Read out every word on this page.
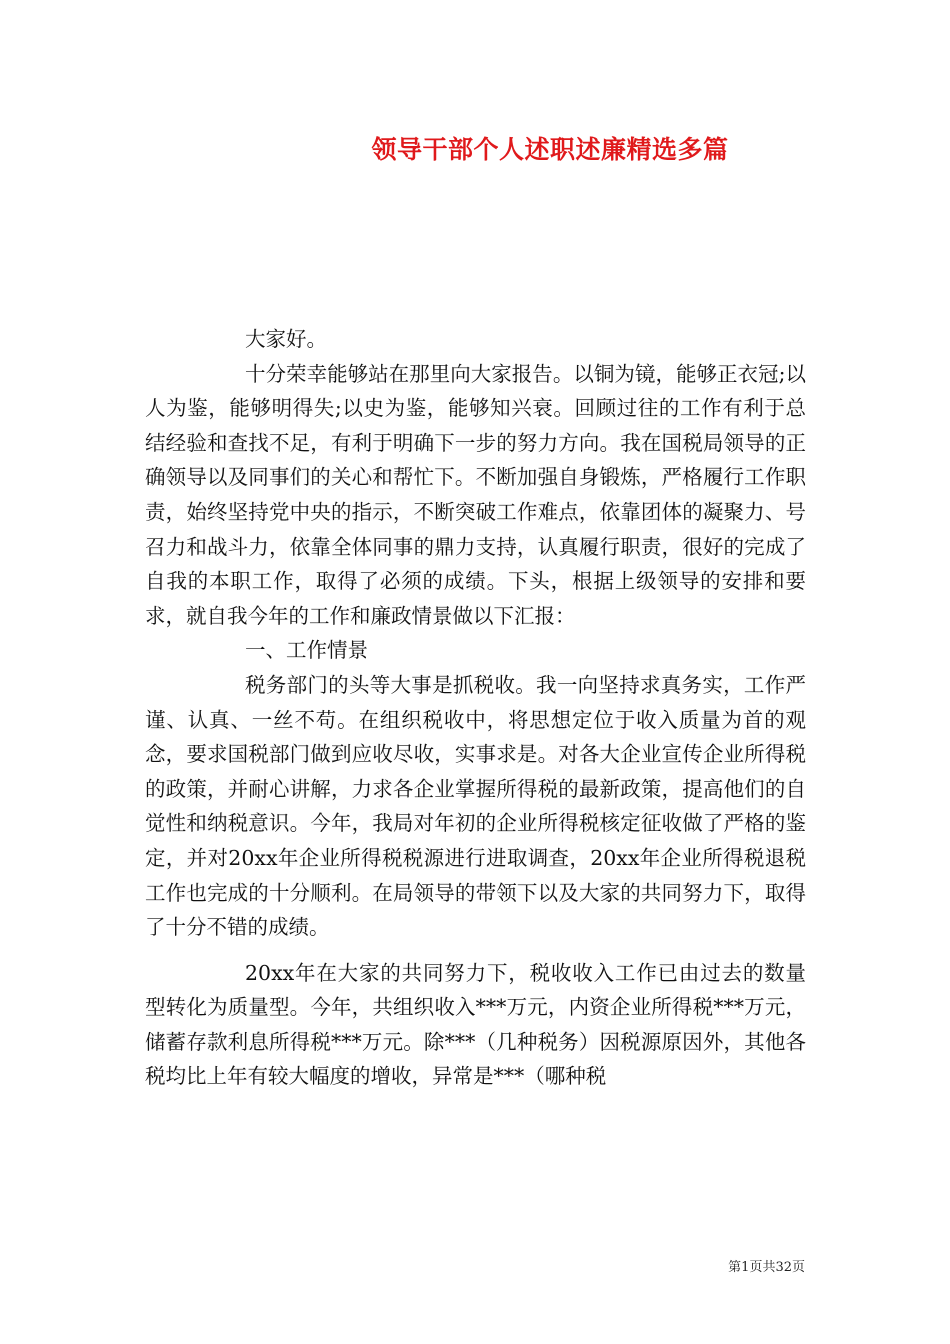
领导干部个人述职述廉精选多篇

大家好。

十分荣幸能够站在那里向大家报告。以铜为镜，能够正衣冠;以人为鉴，能够明得失;以史为鉴，能够知兴衰。回顾过往的工作有利于总结经验和查找不足，有利于明确下一步的努力方向。我在国税局领导的正确领导以及同事们的关心和帮忙下。不断加强自身锻炼，严格履行工作职责，始终坚持党中央的指示，不断突破工作难点，依靠团体的凝聚力、号召力和战斗力，依靠全体同事的鼎力支持，认真履行职责，很好的完成了自我的本职工作，取得了必须的成绩。下头，根据上级领导的安排和要求，就自我今年的工作和廉政情景做以下汇报：

一、工作情景

税务部门的头等大事是抓税收。我一向坚持求真务实，工作严谨、认真、一丝不苟。在组织税收中，将思想定位于收入质量为首的观念，要求国税部门做到应收尽收，实事求是。对各大企业宣传企业所得税的政策，并耐心讲解，力求各企业掌握所得税的最新政策，提高他们的自觉性和纳税意识。今年，我局对年初的企业所得税核定征收做了严格的鉴定，并对20xx年企业所得税税源进行进取调查，20xx年企业所得税退税工作也完成的十分顺利。在局领导的带领下以及大家的共同努力下，取得了十分不错的成绩。

20xx年在大家的共同努力下，税收收入工作已由过去的数量型转化为质量型。今年，共组织收入***万元，内资企业所得税***万元，储蓄存款利息所得税***万元。除***（几种税务）因税源原因外，其他各税均比上年有较大幅度的增收，异常是***（哪种税

第1页共32页
